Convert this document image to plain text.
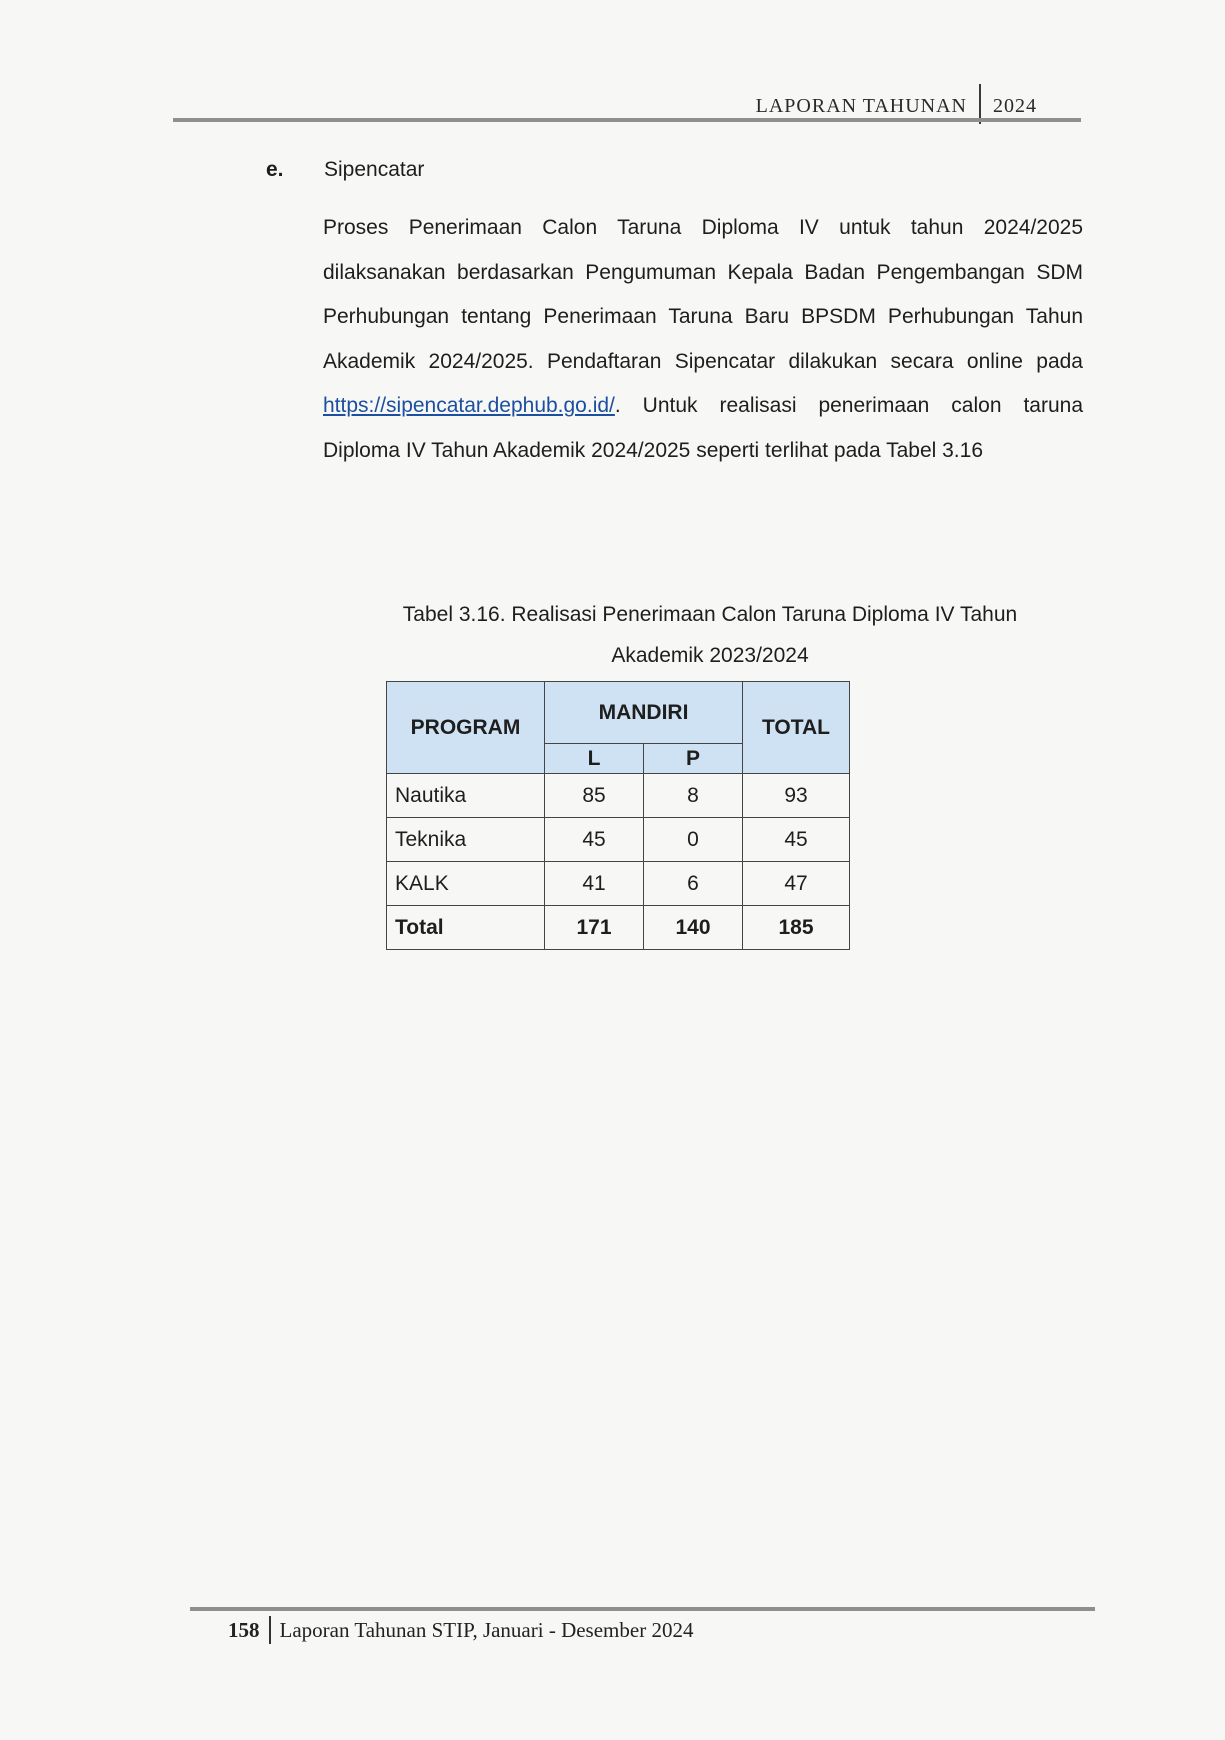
LAPORAN TAHUNAN 2024
e. Sipencatar
Proses Penerimaan Calon Taruna Diploma IV untuk tahun 2024/2025 dilaksanakan berdasarkan Pengumuman Kepala Badan Pengembangan SDM Perhubungan tentang Penerimaan Taruna Baru BPSDM Perhubungan Tahun Akademik 2024/2025. Pendaftaran Sipencatar dilakukan secara online pada https://sipencatar.dephub.go.id/. Untuk realisasi penerimaan calon taruna Diploma IV Tahun Akademik 2024/2025 seperti terlihat pada Tabel 3.16
Tabel 3.16. Realisasi Penerimaan Calon Taruna Diploma IV Tahun
Akademik 2023/2024
PROGRAM	MANDIRI		TOTAL
	L	P	
Nautika	85	8	93
Teknika	45	0	45
KALK	41	6	47
Total	171	140	185
158 Laporan Tahunan STIP, Januari - Desember 2024
